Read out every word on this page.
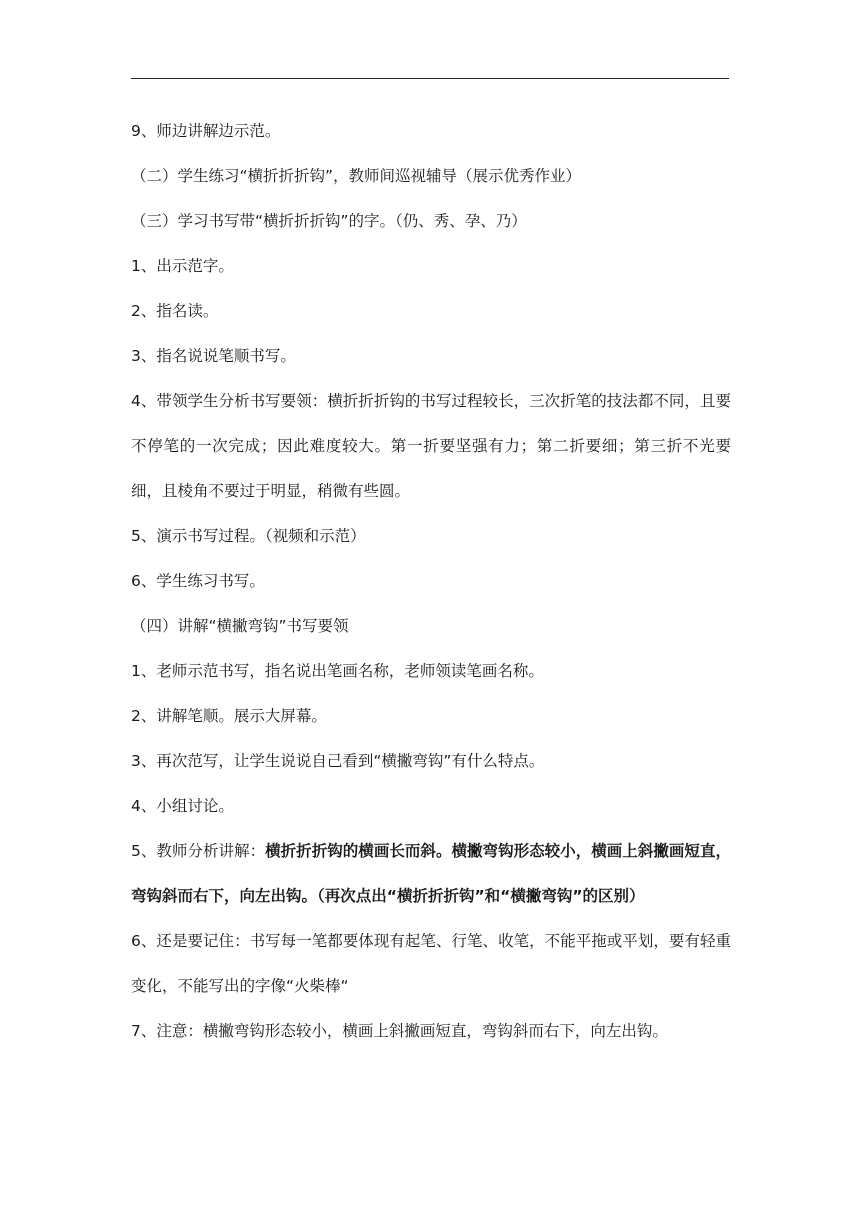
9、师边讲解边示范。

（二）学生练习“横折折折钩”，教师间巡视辅导（展示优秀作业）

（三）学习书写带“横折折折钩”的字。（仍、秀、孕、乃）

1、出示范字。

2、指名读。

3、指名说说笔顺书写。

4、带领学生分析书写要领：横折折折钩的书写过程较长，三次折笔的技法都不同，且要不停笔的一次完成；因此难度较大。第一折要坚强有力；第二折要细；第三折不光要细，且棱角不要过于明显，稍微有些圆。

5、演示书写过程。（视频和示范）

6、学生练习书写。

（四）讲解“横撇弯钩”书写要领

1、老师示范书写，指名说出笔画名称，老师领读笔画名称。

2、讲解笔顺。展示大屏幕。

3、再次范写，让学生说说自己看到“横撇弯钩”有什么特点。

4、小组讨论。

5、教师分析讲解：横折折折钩的横画长而斜。横撇弯钩形态较小，横画上斜撇画短直，弯钩斜而右下，向左出钩。（再次点出“横折折折钩”和“横撇弯钩”的区别）

6、还是要记住：书写每一笔都要体现有起笔、行笔、收笔，不能平拖或平划，要有轻重变化，不能写出的字像“火柴棒“

7、注意：横撇弯钩形态较小，横画上斜撇画短直，弯钩斜而右下，向左出钩。
